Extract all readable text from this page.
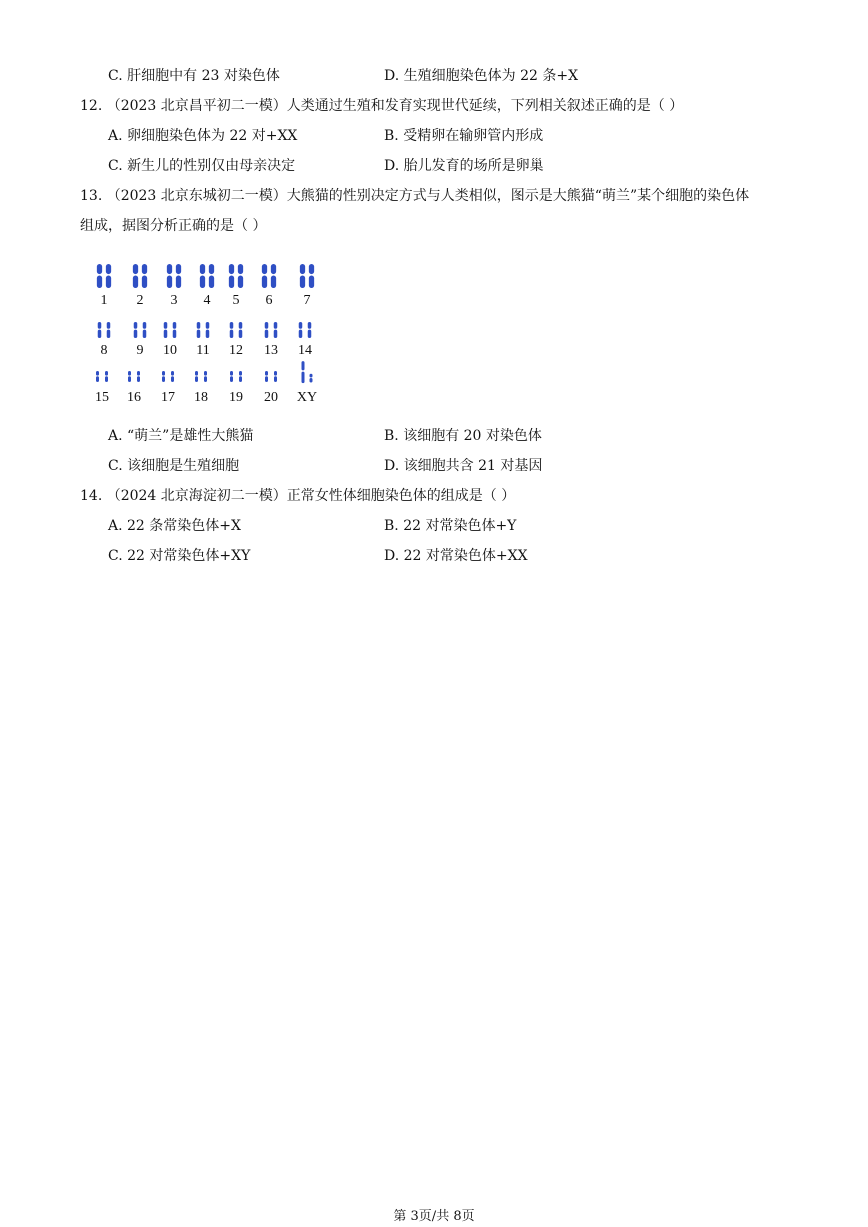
C. 肝细胞中有 23 对染色体	D. 生殖细胞染色体为 22 条+X
12. （2023 北京昌平初二一模）人类通过生殖和发育实现世代延续，下列相关叙述正确的是（ ）
A. 卵细胞染色体为 22 对+XX	B. 受精卵在输卵管内形成
C. 新生儿的性别仅由母亲决定	D. 胎儿发育的场所是卵巢
13. （2023 北京东城初二一模）大熊猫的性别决定方式与人类相似，图示是大熊猫“萌兰”某个细胞的染色体
组成，据图分析正确的是（ ）
1 2 3 4 5 6 7
8 9 10 11 12 13 14
15 16 17 18 19 20 XY
A. “萌兰”是雄性大熊猫	B. 该细胞有 20 对染色体
C. 该细胞是生殖细胞	D. 该细胞共含 21 对基因
14. （2024 北京海淀初二一模）正常女性体细胞染色体的组成是（ ）
A. 22 条常染色体+X	B. 22 对常染色体+Y
C. 22 对常染色体+XY	D. 22 对常染色体+XX
第 3页/共 8页
